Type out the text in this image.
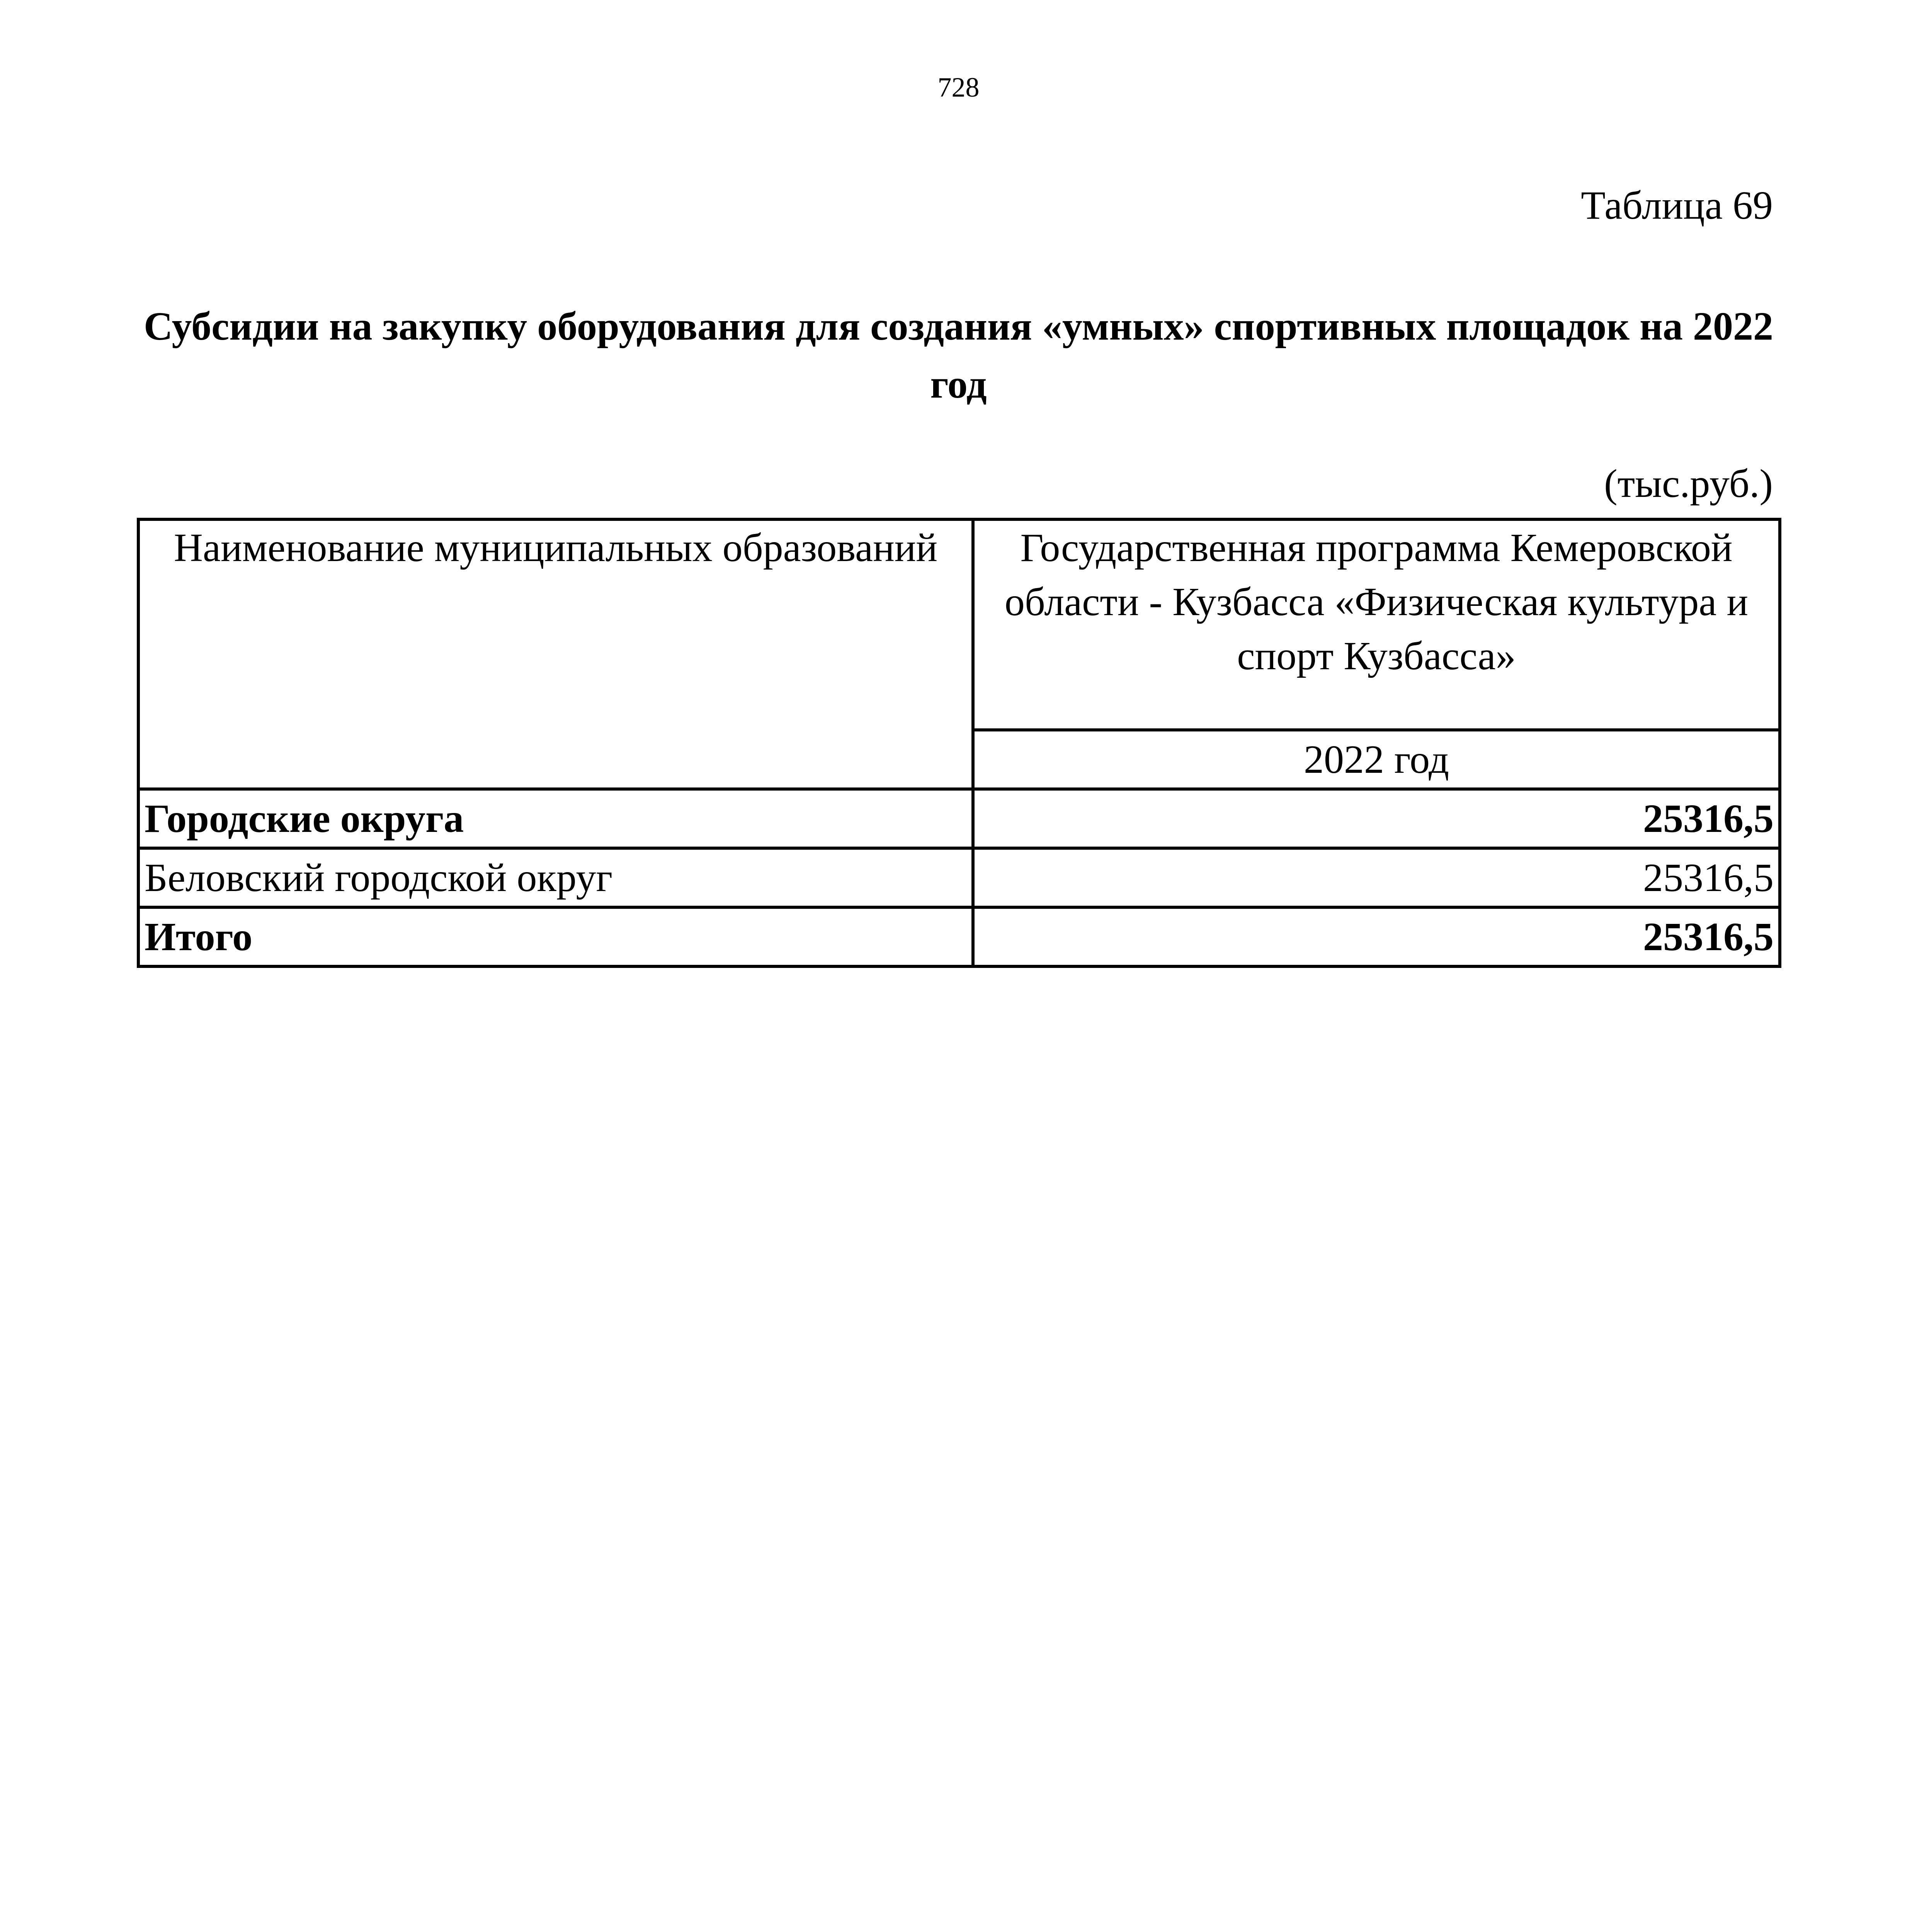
728
Таблица 69
Субсидии на закупку оборудования для создания «умных» спортивных площадок на 2022 год
(тыс.руб.)
Наименование муниципальных образований	Государственная программа Кемеровской области - Кузбасса «Физическая культура и спорт Кузбасса»
	2022 год
Городские округа	25316,5
Беловский городской округ	25316,5
Итого	25316,5
